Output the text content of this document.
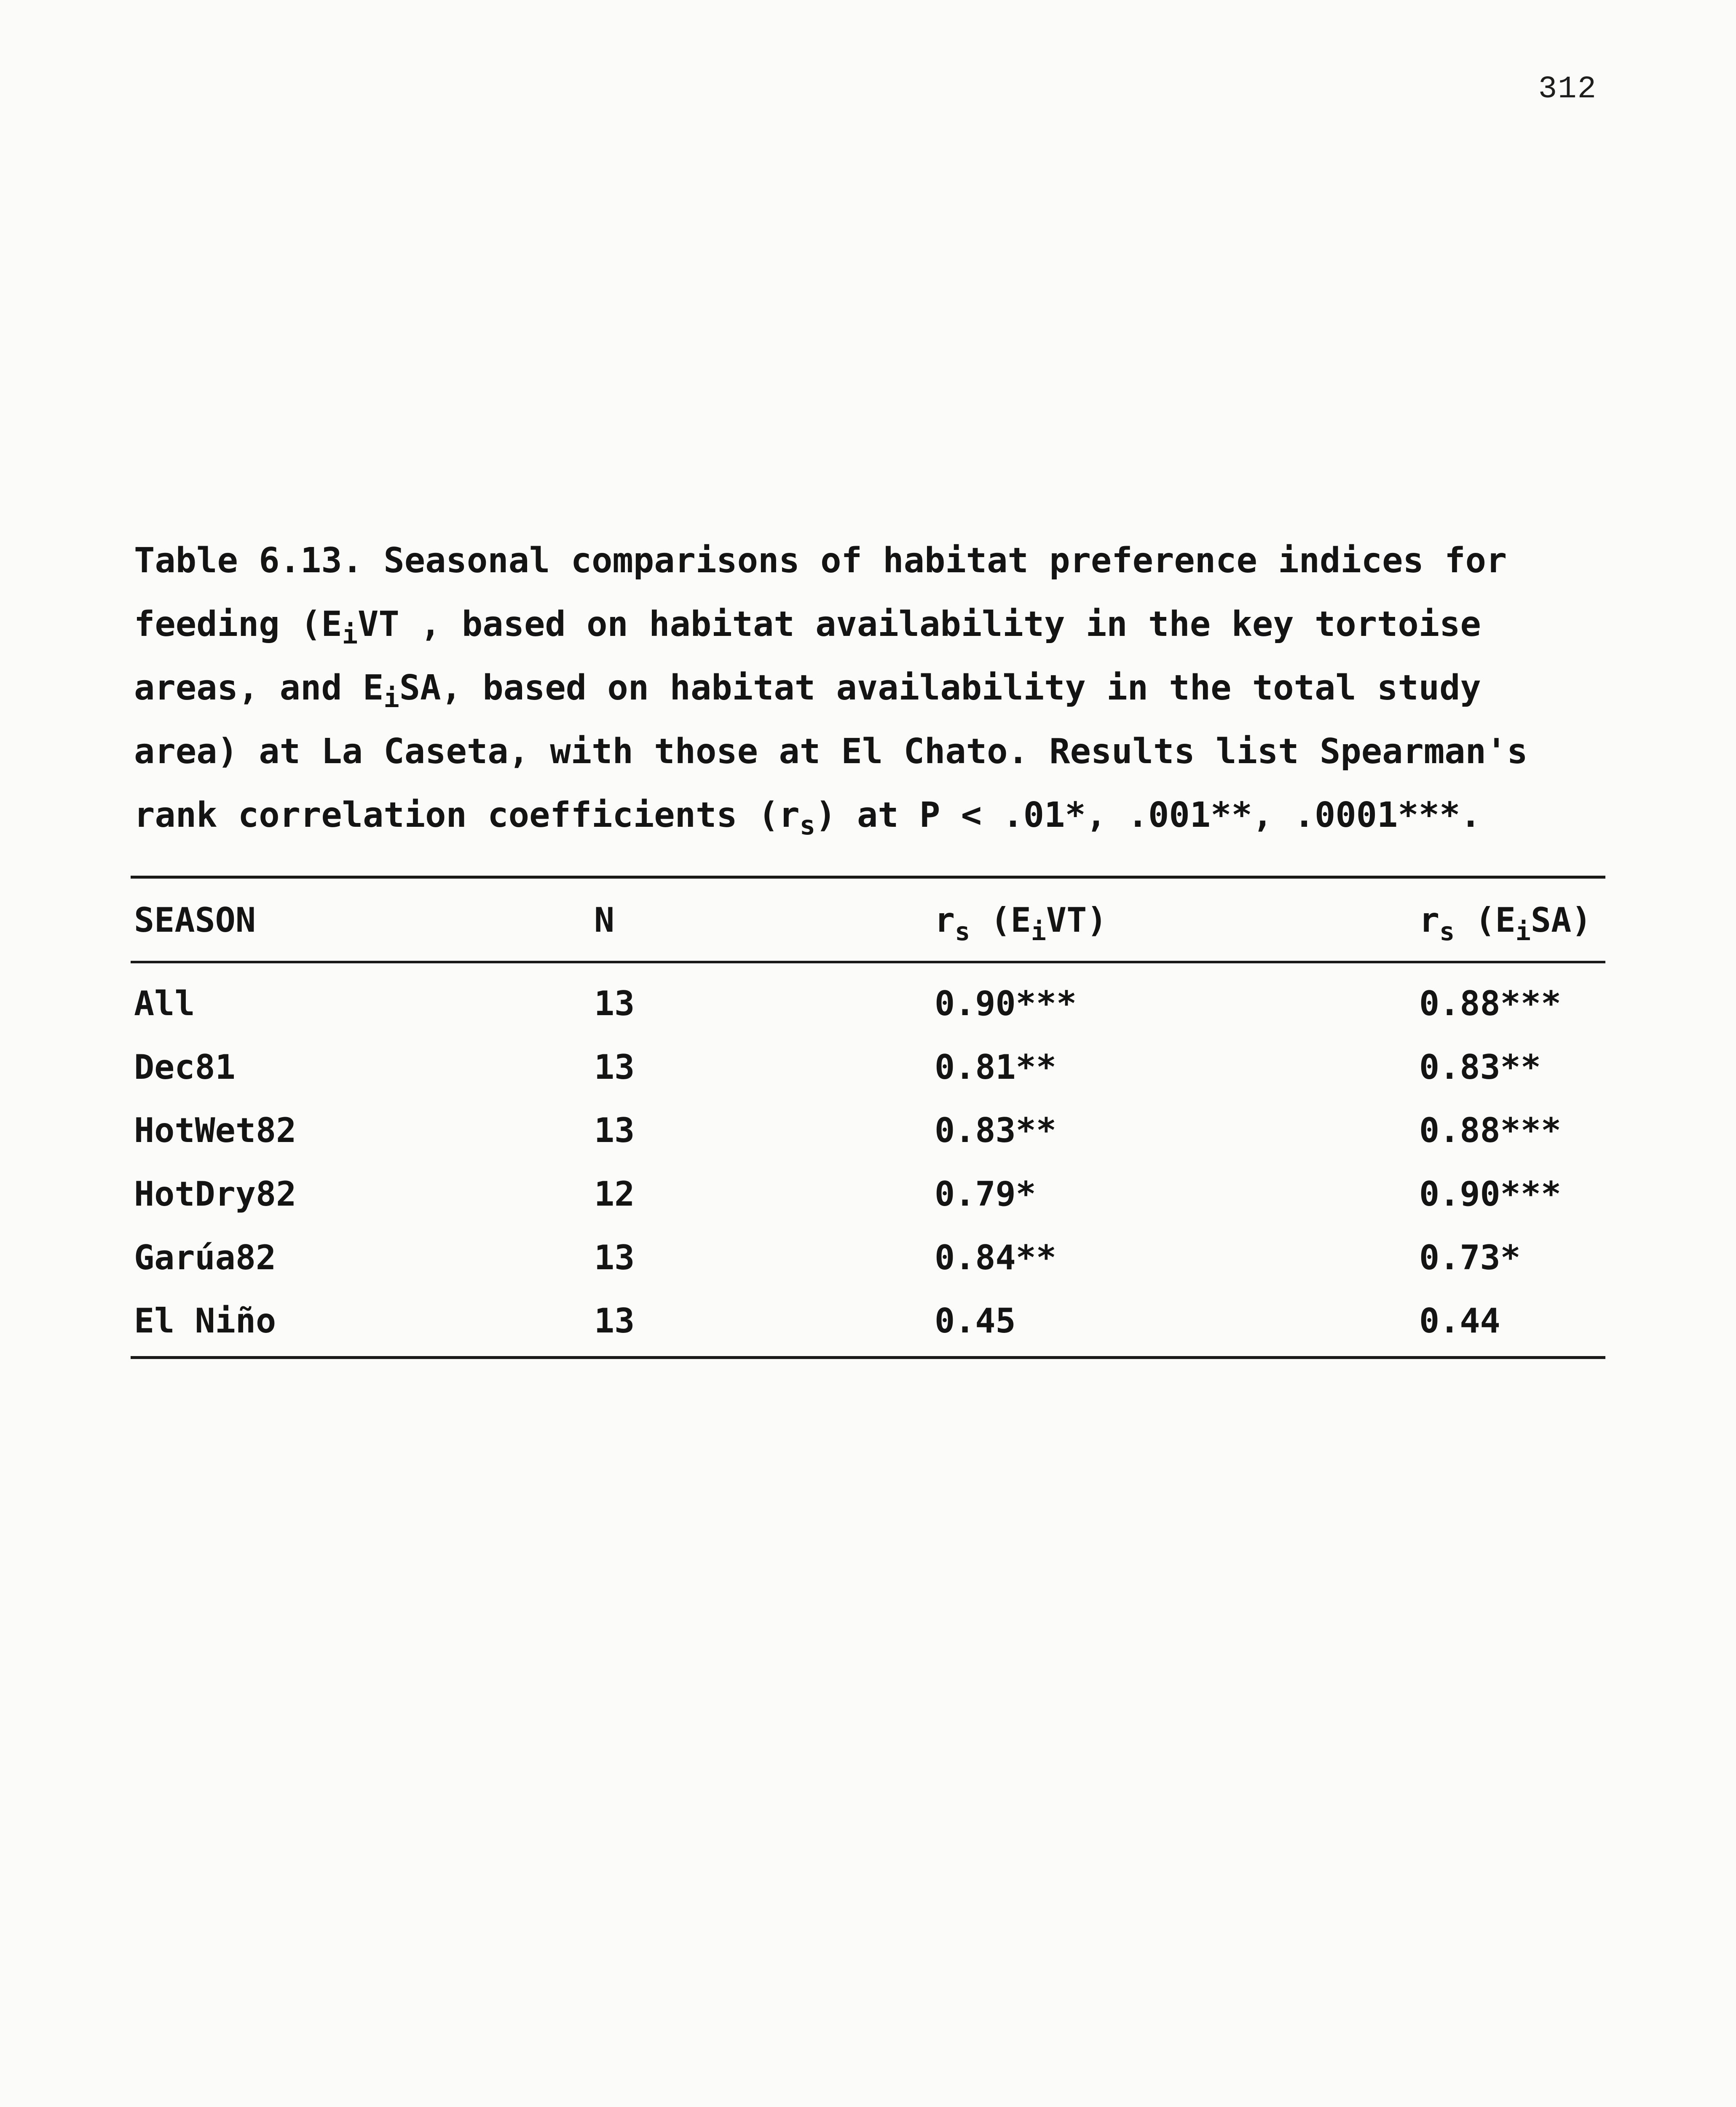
312
Table 6.13. Seasonal comparisons of habitat preference indices for
feeding ($E_iVT$ , based on habitat availability in the key tortoise
areas, and $E_iSA$, based on habitat availability in the total study
area) at La Caseta, with those at El Chato. Results list Spearman's
rank correlation coefficients $(r_s)$ at P < .01*, .001**, .0001***.
SEASON	N	$r_s$ $(E_iVT)$	$r_s$ $(E_iSA)$
All	13	0.90***	0.88***
Dec81	13	0.81**	0.83**
HotWet82	13	0.83**	0.88***
HotDry82	12	0.79*	0.90***
Garúa82	13	0.84**	0.73*
El Niño	13	0.45	0.44
